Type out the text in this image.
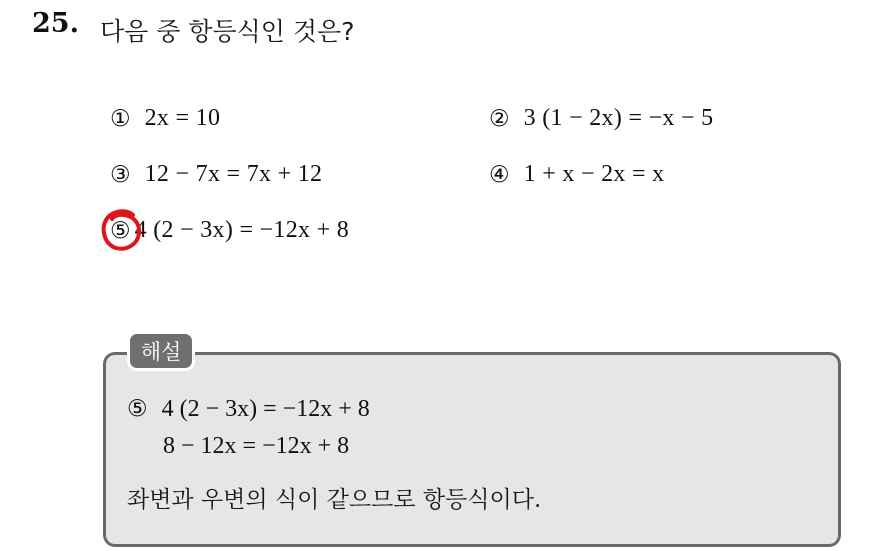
25. 다음 중 항등식인 것은?
① 2x = 10	② 3 (1 − 2x) = −x − 5
③ 12 − 7x = 7x + 12	④ 1 + x − 2x = x
⑤ 4 (2 − 3x) = −12x + 8
해설
⑤ 4 (2 − 3x) = −12x + 8
8 − 12x = −12x + 8
좌변과 우변의 식이 같으므로 항등식이다.
